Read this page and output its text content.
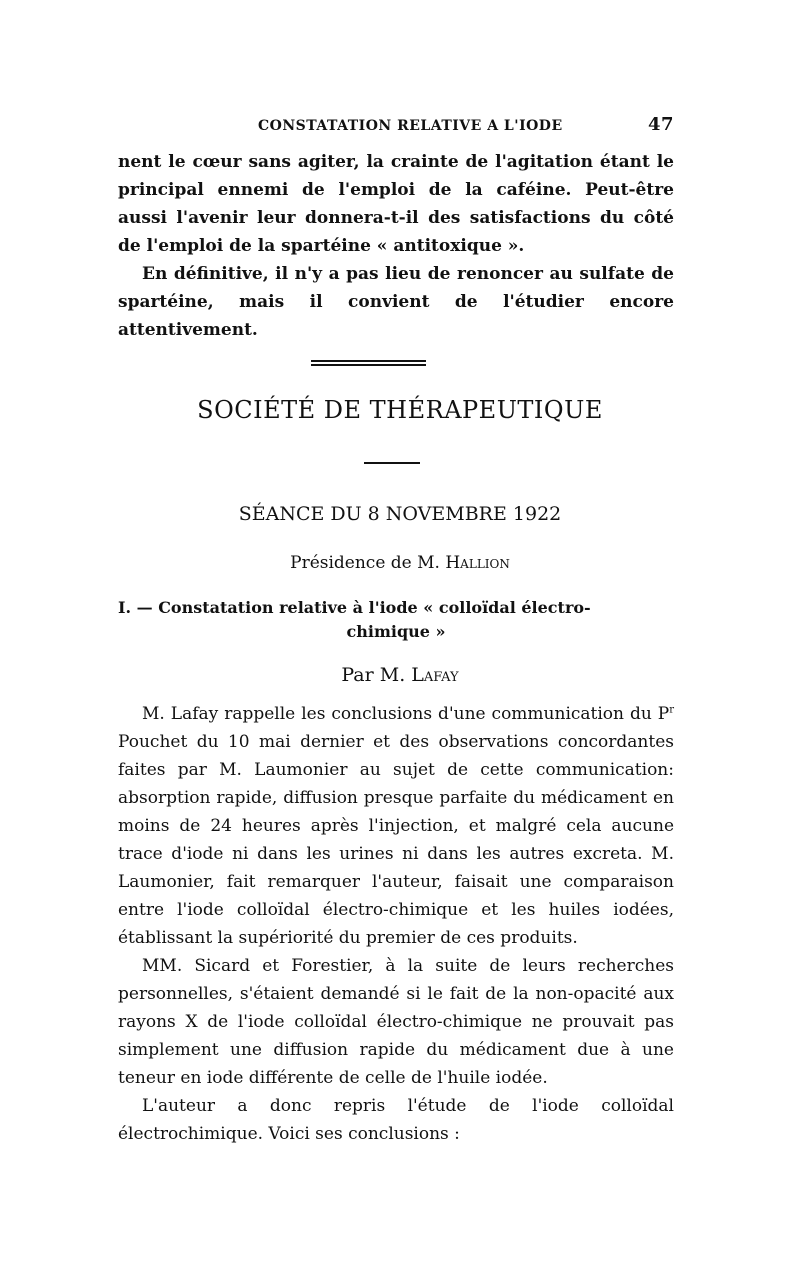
CONSTATATION RELATIVE A L'IODE	47
nent le cœur sans agiter, la crainte de l'agitation étant le principal ennemi de l'emploi de la caféine. Peut-être aussi l'avenir leur donnera-t-il des satisfactions du côté de l'emploi de la spartéine « antitoxique ».
En définitive, il n'y a pas lieu de renoncer au sulfate de spartéine, mais il convient de l'étudier encore attentivement.
SOCIÉTÉ DE THÉRAPEUTIQUE
SÉANCE DU 8 NOVEMBRE 1922
Présidence de M. Hallion
I. — Constatation relative à l'iode « colloïdal électro-
chimique »
Par M. Lafay
M. Lafay rappelle les conclusions d'une communication du $P^r$ Pouchet du 10 mai dernier et des observations concordantes faites par M. Laumonier au sujet de cette communication: absorption rapide, diffusion presque parfaite du médicament en moins de 24 heures après l'injection, et malgré cela aucune trace d'iode ni dans les urines ni dans les autres excreta. M. Laumonier, fait remarquer l'auteur, faisait une comparaison entre l'iode colloïdal électro-chimique et les huiles iodées, établissant la supériorité du premier de ces produits.
MM. Sicard et Forestier, à la suite de leurs recherches personnelles, s'étaient demandé si le fait de la non-opacité aux rayons X de l'iode colloïdal électro-chimique ne prouvait pas simplement une diffusion rapide du médicament due à une teneur en iode différente de celle de l'huile iodée.
L'auteur a donc repris l'étude de l'iode colloïdal électrochimique. Voici ses conclusions :
